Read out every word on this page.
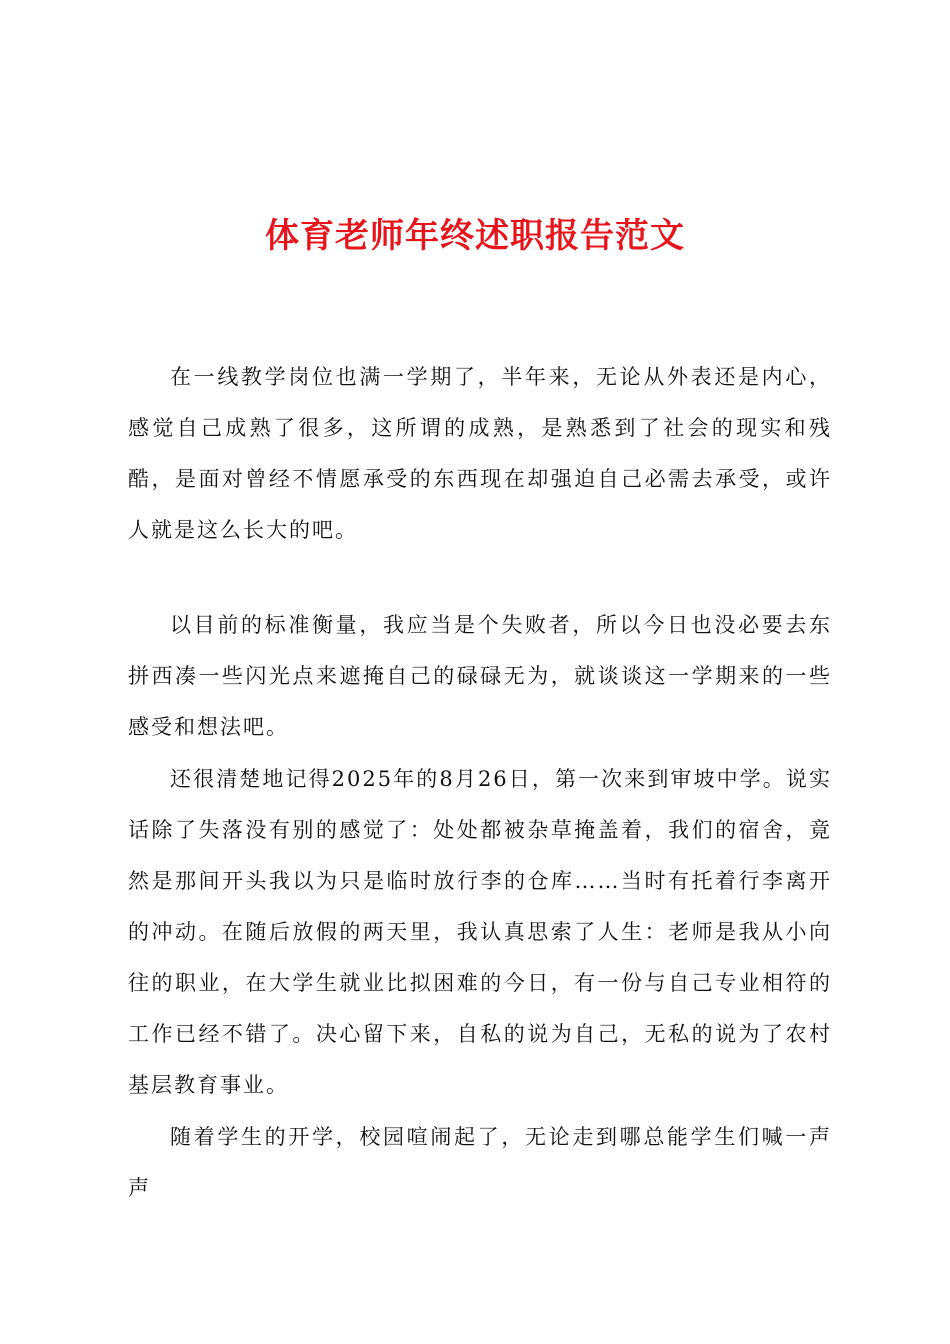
体育老师年终述职报告范文

在一线教学岗位也满一学期了，半年来，无论从外表还是内心，感觉自己成熟了很多，这所谓的成熟，是熟悉到了社会的现实和残酷，是面对曾经不情愿承受的东西现在却强迫自己必需去承受，或许人就是这么长大的吧。

以目前的标准衡量，我应当是个失败者，所以今日也没必要去东拼西凑一些闪光点来遮掩自己的碌碌无为，就谈谈这一学期来的一些感受和想法吧。

还很清楚地记得2025年的8月26日，第一次来到审坡中学。说实话除了失落没有别的感觉了：处处都被杂草掩盖着，我们的宿舍，竟然是那间开头我以为只是临时放行李的仓库……当时有托着行李离开的冲动。在随后放假的两天里，我认真思索了人生：老师是我从小向往的职业，在大学生就业比拟困难的今日，有一份与自己专业相符的工作已经不错了。决心留下来，自私的说为自己，无私的说为了农村基层教育事业。

随着学生的开学，校园喧闹起了，无论走到哪总能学生们喊一声声
